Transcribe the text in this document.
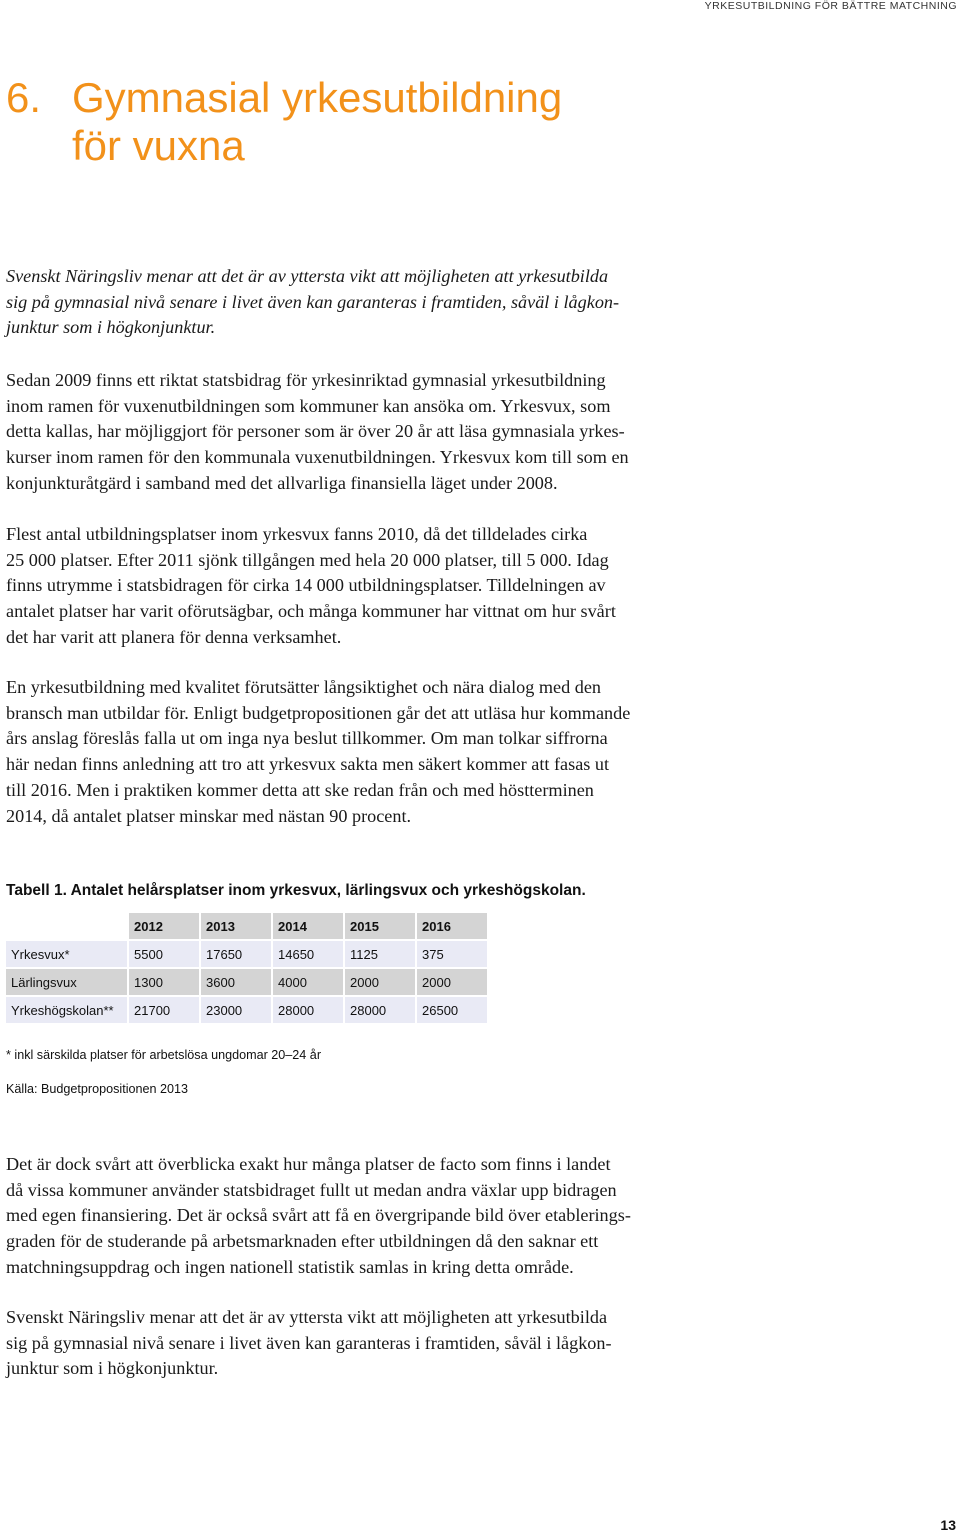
YRKESUTBILDNING FÖR BÄTTRE MATCHNING
6. Gymnasial yrkesutbildning
för vuxna

Svenskt Näringsliv menar att det är av yttersta vikt att möjligheten att yrkesutbilda
sig på gymnasial nivå senare i livet även kan garanteras i framtiden, såväl i lågkon-
junktur som i högkonjunktur.

Sedan 2009 finns ett riktat statsbidrag för yrkesinriktad gymnasial yrkesutbildning
inom ramen för vuxenutbildningen som kommuner kan ansöka om. Yrkesvux, som
detta kallas, har möjliggjort för personer som är över 20 år att läsa gymnasiala yrkes-
kurser inom ramen för den kommunala vuxenutbildningen. Yrkesvux kom till som en
konjunkturåtgärd i samband med det allvarliga finansiella läget under 2008.

Flest antal utbildningsplatser inom yrkesvux fanns 2010, då det tilldelades cirka
25 000 platser. Efter 2011 sjönk tillgången med hela 20 000 platser, till 5 000. Idag
finns utrymme i statsbidragen för cirka 14 000 utbildningsplatser. Tilldelningen av
antalet platser har varit oförutsägbar, och många kommuner har vittnat om hur svårt
det har varit att planera för denna verksamhet.

En yrkesutbildning med kvalitet förutsätter långsiktighet och nära dialog med den
bransch man utbildar för. Enligt budgetpropositionen går det att utläsa hur kommande
års anslag föreslås falla ut om inga nya beslut tillkommer. Om man tolkar siffrorna
här nedan finns anledning att tro att yrkesvux sakta men säkert kommer att fasas ut
till 2016. Men i praktiken kommer detta att ske redan från och med höstterminen
2014, då antalet platser minskar med nästan 90 procent.

Tabell 1. Antalet helårsplatser inom yrkesvux, lärlingsvux och yrkeshögskolan.

	2012	2013	2014	2015	2016
Yrkesvux*	5500	17650	14650	1125	375
Lärlingsvux	1300	3600	4000	2000	2000
Yrkeshögskolan**	21700	23000	28000	28000	26500

* inkl särskilda platser för arbetslösa ungdomar 20–24 år

Källa: Budgetpropositionen 2013

Det är dock svårt att överblicka exakt hur många platser de facto som finns i landet
då vissa kommuner använder statsbidraget fullt ut medan andra växlar upp bidragen
med egen finansiering. Det är också svårt att få en övergripande bild över etablerings-
graden för de studerande på arbetsmarknaden efter utbildningen då den saknar ett
matchningsuppdrag och ingen nationell statistik samlas in kring detta område.

Svenskt Näringsliv menar att det är av yttersta vikt att möjligheten att yrkesutbilda
sig på gymnasial nivå senare i livet även kan garanteras i framtiden, såväl i lågkon-
junktur som i högkonjunktur.

13
